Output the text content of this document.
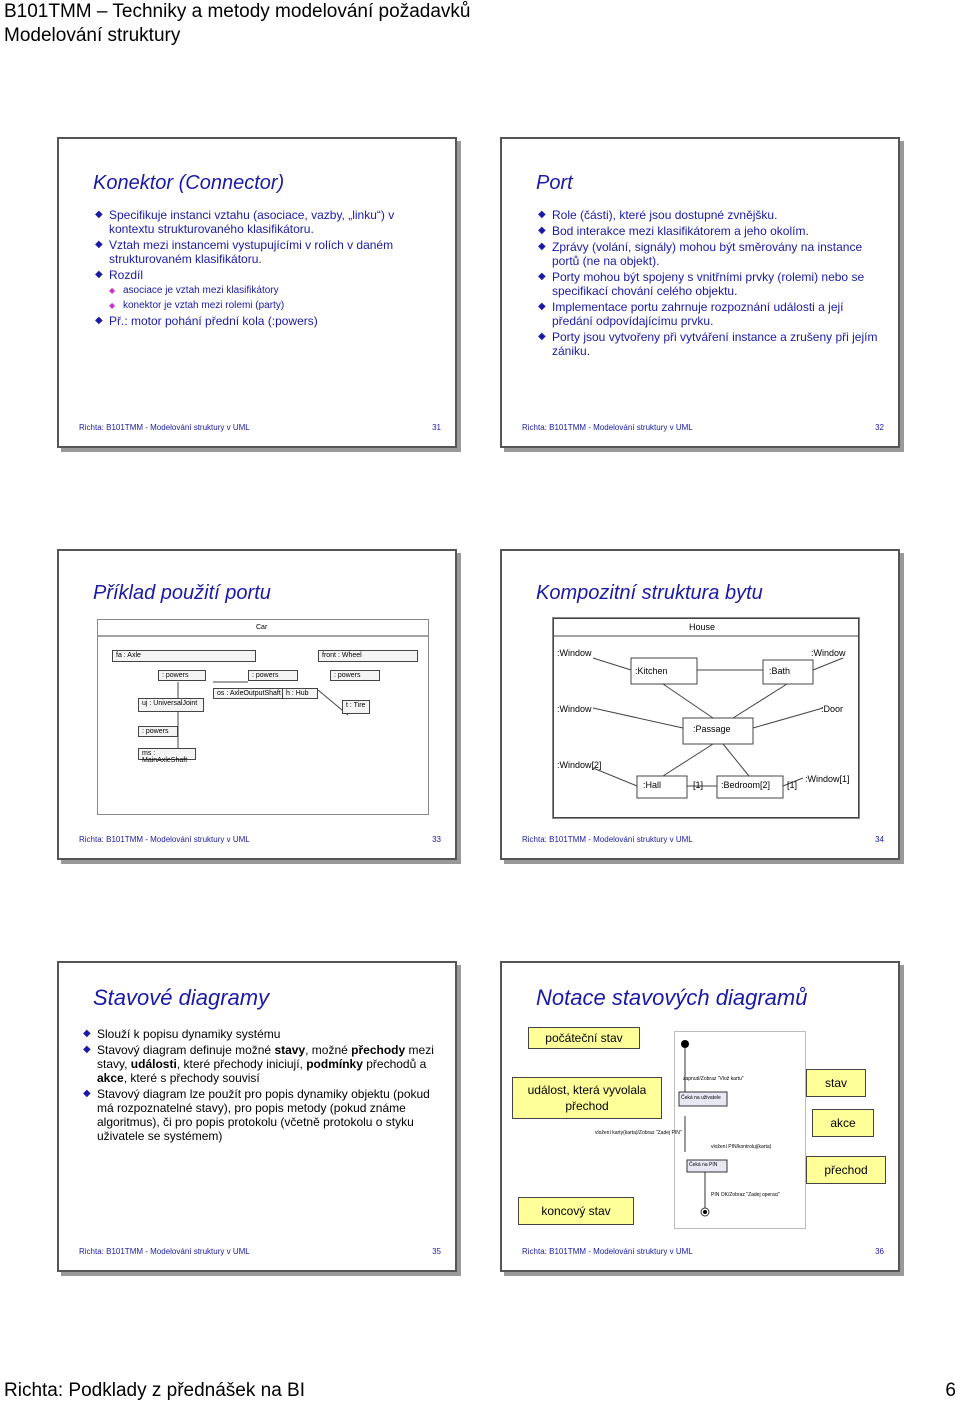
B101TMM – Techniky a metody modelování požadavků
Modelování struktury
Konektor (Connector)
◆ Specifikuje instanci vztahu (asociace, vazby, „linku“) v kontextu strukturovaného klasifikátoru.
◆ Vztah mezi instancemi vystupujícími v rolích v daném strukturovaném klasifikátoru.
◆ Rozdíl
◆ asociace je vztah mezi klasifikátory
◆ konektor je vztah mezi rolemi (party)
◆ Př.: motor pohání přední kola (:powers)
Richta: B101TMM - Modelování struktury v UML	31
Port
◆ Role (části), které jsou dostupné zvnějšku.
◆ Bod interakce mezi klasifikátorem a jeho okolím.
◆ Zprávy (volání, signály) mohou být směrovány na instance portů (ne na objekt).
◆ Porty mohou být spojeny s vnitřními prvky (rolemi) nebo se specifikací chování celého objektu.
◆ Implementace portu zahrnuje rozpoznání události a její předání odpovídajícímu prvku.
◆ Porty jsou vytvořeny při vytváření instance a zrušeny při jejím zániku.
Richta: B101TMM - Modelování struktury v UML	32
Příklad použití portu
Car
fa : Axle	front : Wheel
: powers	: powers	: powers
os : AxleOutputShaft h : Hub
uj : UniversalJoint	t : Tire
: powers
ms : MainAxleShaft
Richta: B101TMM - Modelování struktury v UML	33
Kompozitní struktura bytu
House
:Window	:Window
:Kitchen	:Bath
:Window	:Door
:Passage
:Window[2]
:Hall	[1] :Bedroom[2] [1]
:Window[1]
Richta: B101TMM - Modelování struktury v UML	34
Stavové diagramy
◆ Slouží k popisu dynamiky systému
◆ Stavový diagram definuje možné stavy, možné přechody mezi stavy, události, které přechody iniciují, podmínky přechodů a akce, které s přechody souvisí
◆ Stavový diagram lze použít pro popis dynamiky objektu (pokud má rozpoznatelné stavy), pro popis metody (pokud známe algoritmus), či pro popis protokolu (včetně protokolu o styku uživatele se systémem)
Richta: B101TMM - Modelování struktury v UML	35
Notace stavových diagramů
zapnutí/Zobraz "Vlož kartu"
Čeká na uživatele
vložení karty(karta)/Zobraz "Zadej PIN"
vložení PIN/kontroluj(karta)
Čeká na PIN
PIN OK/Zobraz "Zadej operaci"
počáteční stav
událost, která vyvolala přechod
stav
akce
přechod
koncový stav
Richta: B101TMM - Modelování struktury v UML	36
Richta: Podklady z přednášek na BI	6
